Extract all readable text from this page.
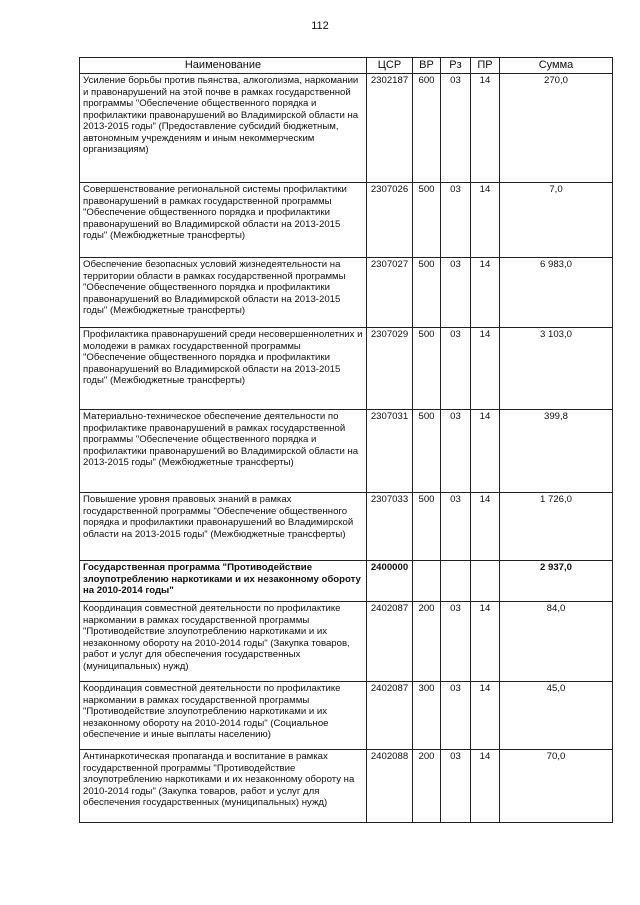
112
Наименование	ЦСР	ВР	Рз	ПР	Сумма
Усиление борьбы против пьянства, алкоголизма, наркомании и правонарушений на этой почве в рамках государственной программы "Обеспечение общественного порядка и профилактики правонарушений во Владимирской области на 2013-2015 годы" (Предоставление субсидий бюджетным, автономным учреждениям и иным некоммерческим организациям)	2302187	600	03	14	270,0
Совершенствование региональной системы профилактики правонарушений в рамках государственной программы "Обеспечение общественного порядка и профилактики правонарушений во Владимирской области на 2013-2015 годы" (Межбюджетные трансферты)	2307026	500	03	14	7,0
Обеспечение безопасных условий жизнедеятельности на территории области в рамках государственной программы "Обеспечение общественного порядка и профилактики правонарушений во Владимирской области на 2013-2015 годы" (Межбюджетные трансферты)	2307027	500	03	14	6 983,0
Профилактика правонарушений среди несовершеннолетних и молодежи в рамках государственной программы "Обеспечение общественного порядка и профилактики правонарушений во Владимирской области на 2013-2015 годы" (Межбюджетные трансферты)	2307029	500	03	14	3 103,0
Материально-техническое обеспечение деятельности по профилактике правонарушений в рамках государственной программы "Обеспечение общественного порядка и профилактики правонарушений во Владимирской области на 2013-2015 годы" (Межбюджетные трансферты)	2307031	500	03	14	399,8
Повышение уровня правовых знаний в рамках государственной программы "Обеспечение общественного порядка и профилактики правонарушений во Владимирской области на 2013-2015 годы" (Межбюджетные трансферты)	2307033	500	03	14	1 726,0
Государственная программа "Противодействие злоупотреблению наркотиками и их незаконному обороту на 2010-2014 годы"	2400000				2 937,0
Координация совместной деятельности по профилактике наркомании в рамках государственной программы "Противодействие злоупотреблению наркотиками и их незаконному обороту на 2010-2014 годы" (Закупка товаров, работ и услуг для обеспечения государственных (муниципальных) нужд)	2402087	200	03	14	84,0
Координация совместной деятельности по профилактике наркомании в рамках государственной программы "Противодействие злоупотреблению наркотиками и их незаконному обороту на 2010-2014 годы" (Социальное обеспечение и иные выплаты населению)	2402087	300	03	14	45,0
Антинаркотическая пропаганда и воспитание в рамках государственной программы "Противодействие злоупотреблению наркотиками и их незаконному обороту на 2010-2014 годы" (Закупка товаров, работ и услуг для обеспечения государственных (муниципальных) нужд)	2402088	200	03	14	70,0
